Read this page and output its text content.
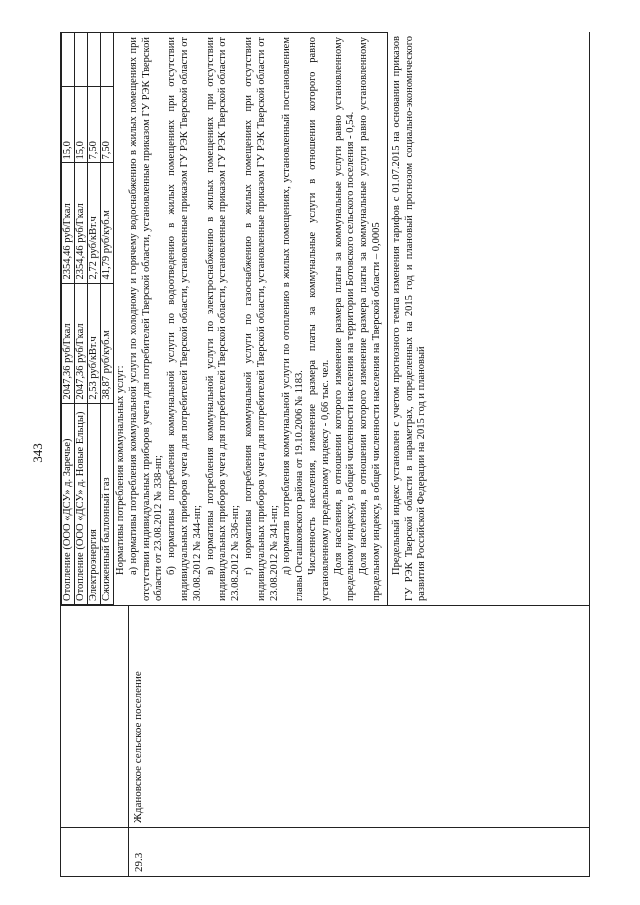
343
29.3
Ждановское сельское поселение
Отопление (ООО «ДСУ» д. Заречье)	2047,36 руб/Гкал	2354,46 руб/Гкал	15,0	
Отопление (ООО «ДСУ» д. Новые Ельцы)	2047,36 руб/Гкал	2354,46 руб/Гкал	15,0	
Электроэнергия	2,53 руб/кВт.ч	2,72 руб/кВт.ч	7,50	
Сжиженный баллонный газ	38,87 руб/куб.м	41,79 руб/куб.м	7,50	

Нормативы потребления коммунальных услуг: а) нормативы потребления коммунальной услуги по холодному и горячему водоснабжению в жилых помещениях при отсутствии индивидуальных приборов учета для потребителей Тверской области, установленные приказом ГУ РЭК Тверской области от 23.08.2012 № 338-нп; б) нормативы потребления коммунальной услуги по водоотведению в жилых помещениях при отсутствии индивидуальных приборов учета для потребителей Тверской области, установленные приказом ГУ РЭК Тверской области от 30.08.2012 № 344-нп; в) нормативы потребления коммунальной услуги по электроснабжению в жилых помещениях при отсутствии индивидуальных приборов учета для потребителей Тверской области, установленные приказом ГУ РЭК Тверской области от 23.08.2012 № 336-нп; г) нормативы потребления коммунальной услуги по газоснабжению в жилых помещениях при отсутствии индивидуальных приборов учета для потребителей Тверской области, установленные приказом ГУ РЭК Тверской области от 23.08.2012 № 341-нп; д) норматив потребления коммунальной услуги по отоплению в жилых помещениях, установленный постановлением главы Осташковского района от 19.10.2006 № 1183. Численность населения, изменение размера платы за коммунальные услуги в отношении которого равно установленному предельному индексу - 0,66 тыс. чел. Доля населения, в отношении которого изменение размера платы за коммунальные услуги равно установленному предельному индексу, в общей численности населения на территории Ботовского сельского поселения - 0,54. Доля населения, в отношении которого изменение размера платы за коммунальные услуги равно установленному предельному индексу, в общей численности населения на Тверской области – 0,0005 Предельный индекс установлен с учетом прогнозного темпа изменения тарифов с 01.07.2015 на основании приказов ГУ РЭК Тверской области в параметрах, определенных на 2015 год и плановый прогнозом социально-экономического развития Российской Федерации на 2015 год и плановый
